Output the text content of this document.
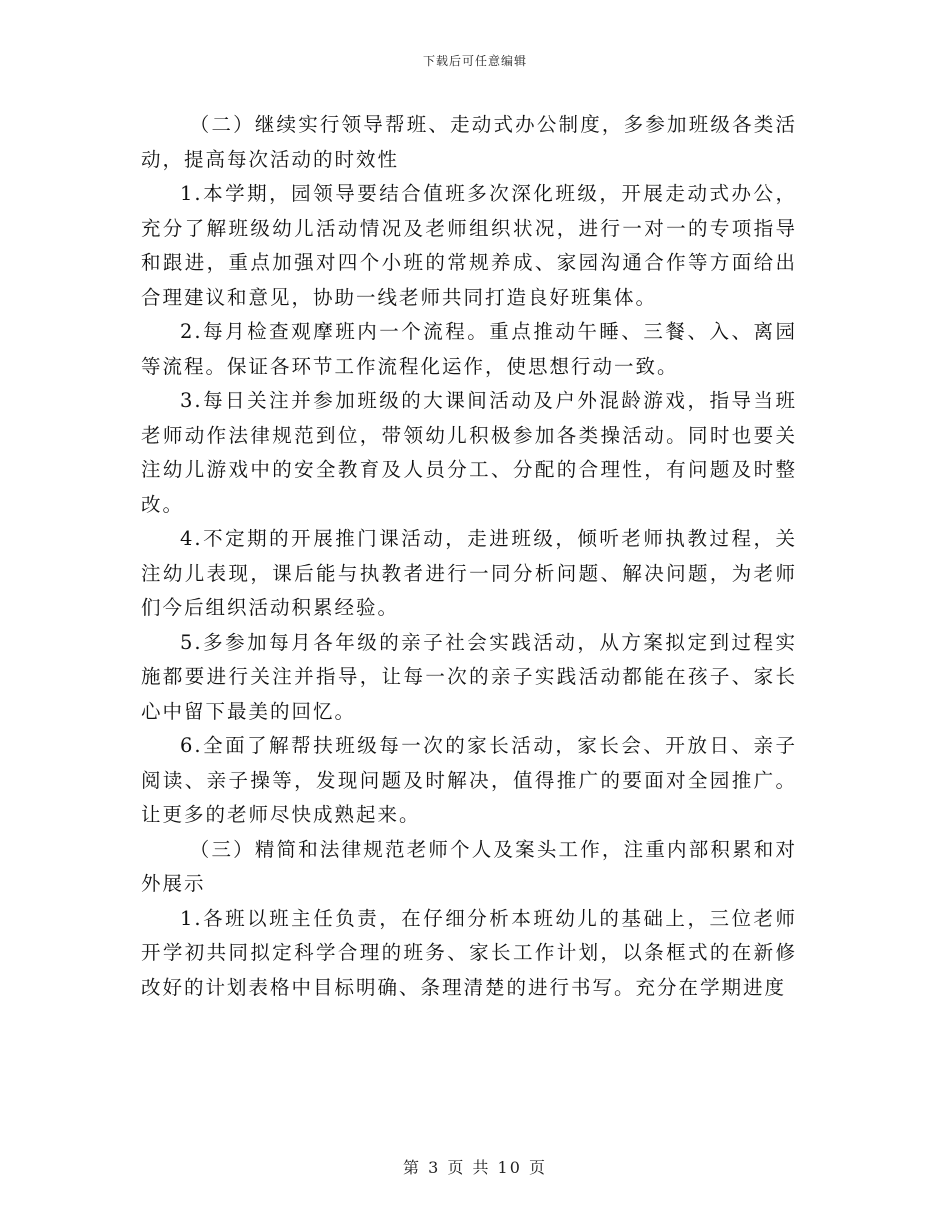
下载后可任意编辑

（二）继续实行领导帮班、走动式办公制度，多参加班级各类活动，提高每次活动的时效性

1.本学期，园领导要结合值班多次深化班级，开展走动式办公，充分了解班级幼儿活动情况及老师组织状况，进行一对一的专项指导和跟进，重点加强对四个小班的常规养成、家园沟通合作等方面给出合理建议和意见，协助一线老师共同打造良好班集体。

2.每月检查观摩班内一个流程。重点推动午睡、三餐、入、离园等流程。保证各环节工作流程化运作，使思想行动一致。

3.每日关注并参加班级的大课间活动及户外混龄游戏，指导当班老师动作法律规范到位，带领幼儿积极参加各类操活动。同时也要关注幼儿游戏中的安全教育及人员分工、分配的合理性，有问题及时整改。

4.不定期的开展推门课活动，走进班级，倾听老师执教过程，关注幼儿表现，课后能与执教者进行一同分析问题、解决问题，为老师们今后组织活动积累经验。

5.多参加每月各年级的亲子社会实践活动，从方案拟定到过程实施都要进行关注并指导，让每一次的亲子实践活动都能在孩子、家长心中留下最美的回忆。

6.全面了解帮扶班级每一次的家长活动，家长会、开放日、亲子阅读、亲子操等，发现问题及时解决，值得推广的要面对全园推广。让更多的老师尽快成熟起来。

（三）精简和法律规范老师个人及案头工作，注重内部积累和对外展示

1.各班以班主任负责，在仔细分析本班幼儿的基础上，三位老师开学初共同拟定科学合理的班务、家长工作计划，以条框式的在新修改好的计划表格中目标明确、条理清楚的进行书写。充分在学期进度

第 3 页 共 10 页
